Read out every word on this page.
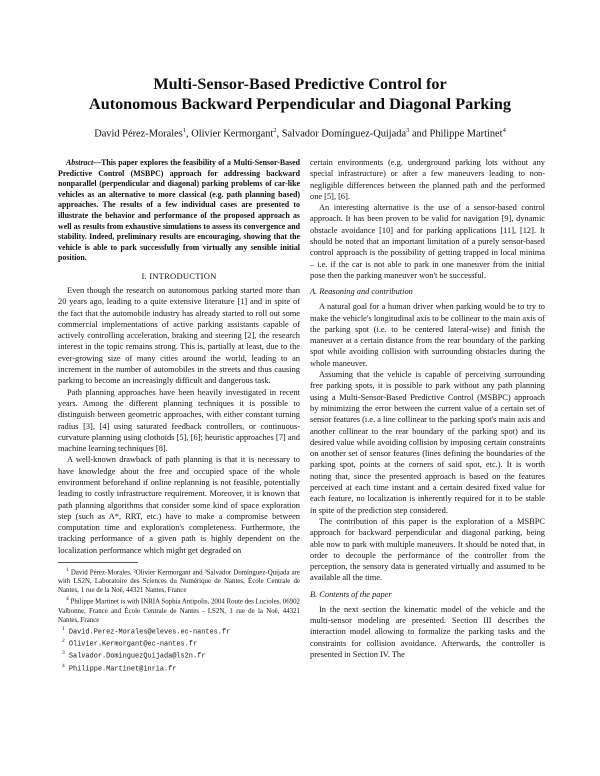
Multi-Sensor-Based Predictive Control for
Autonomous Backward Perpendicular and Diagonal Parking
David Pérez-Morales$^1$, Olivier Kermorgant$^2$, Salvador Domínguez-Quijada$^3$ and Philippe Martinet$^4$

Abstract—This paper explores the feasibility of a Multi-Sensor-Based Predictive Control (MSBPC) approach for addressing backward nonparallel (perpendicular and diagonal) parking problems of car-like vehicles as an alternative to more classical (e.g. path planning based) approaches. The results of a few individual cases are presented to illustrate the behavior and performance of the proposed approach as well as results from exhaustive simulations to assess its convergence and stability. Indeed, preliminary results are encouraging, showing that the vehicle is able to park successfully from virtually any sensible initial position.

I. INTRODUCTION

Even though the research on autonomous parking started more than 20 years ago, leading to a quite extensive literature [1] and in spite of the fact that the automobile industry has already started to roll out some commercial implementations of active parking assistants capable of actively controlling acceleration, braking and steering [2], the research interest in the topic remains strong. This is, partially at least, due to the ever-growing size of many cities around the world, leading to an increment in the number of automobiles in the streets and thus causing parking to become an increasingly difficult and dangerous task.

Path planning approaches have been heavily investigated in recent years. Among the different planning techniques it is possible to distinguish between geometric approaches, with either constant turning radius [3], [4] using saturated feedback controllers, or continuous-curvature planning using clothoids [5], [6]; heuristic approaches [7] and machine learning techniques [8].

A well-known drawback of path planning is that it is necessary to have knowledge about the free and occupied space of the whole environment beforehand if online replanning is not feasible, potentially leading to costly infrastructure requirement. Moreover, it is known that path planning algorithms that consider some kind of space exploration step (such as A*, RRT, etc.) have to make a compromise between computation time and exploration's completeness. Furthermore, the tracking performance of a given path is highly dependent on the localization performance which might get degraded on

$^1$ David Pérez-Morales, ²Olivier Kermorgant and ³Salvador Domínguez-Quijada are with LS2N, Laboratoire des Sciences du Numérique de Nantes, École Centrale de Nantes, 1 rue de la Noë, 44321 Nantes, France

$^4$ Philippe Martinet is with INRIA Sophia Antipolis, 2004 Route des Lucioles, 06902 Valbonne, France and École Centrale de Nantes - LS2N, 1 rue de la Noë, 44321 Nantes, France

$^1$ David.Perez-Morales@eleves.ec-nantes.fr

$^2$ Olivier.Kermorgant@ec-nantes.fr

$^3$ Salvador.DominguezQuijada@ls2n.fr

$^4$ Philippe.Martinet@inria.fr

certain environments (e.g. underground parking lots without any special infrastructure) or after a few maneuvers leading to non-negligible differences between the planned path and the performed one [5], [6].

An interesting alternative is the use of a sensor-based control approach. It has been proven to be valid for navigation [9], dynamic obstacle avoidance [10] and for parking applications [11], [12]. It should be noted that an important limitation of a purely sensor-based control approach is the possibility of getting trapped in local minima – i.e. if the car is not able to park in one maneuver from the initial pose then the parking maneuver won't be successful.

A. Reasoning and contribution

A natural goal for a human driver when parking would be to try to make the vehicle's longitudinal axis to be collinear to the main axis of the parking spot (i.e. to be centered lateral-wise) and finish the maneuver at a certain distance from the rear boundary of the parking spot while avoiding collision with surrounding obstacles during the whole maneuver.

Assuming that the vehicle is capable of perceiving surrounding free parking spots, it is possible to park without any path planning using a Multi-Sensor-Based Predictive Control (MSBPC) approach by minimizing the error between the current value of a certain set of sensor features (i.e. a line collinear to the parking spot's main axis and another collinear to the rear boundary of the parking spot) and its desired value while avoiding collision by imposing certain constraints on another set of sensor features (lines defining the boundaries of the parking spot, points at the corners of said spot, etc.). It is worth noting that, since the presented approach is based on the features perceived at each time instant and a certain desired fixed value for each feature, no localization is inherently required for it to be stable in spite of the prediction step considered.

The contribution of this paper is the exploration of a MSBPC approach for backward perpendicular and diagonal parking, being able now to park with multiple maneuvers. It should be noted that, in order to decouple the performance of the controller from the perception, the sensory data is generated virtually and assumed to be available all the time.

B. Contents of the paper

In the next section the kinematic model of the vehicle and the multi-sensor modeling are presented. Section III describes the interaction model allowing to formalize the parking tasks and the constraints for collision avoidance. Afterwards, the controller is presented in Section IV. The
